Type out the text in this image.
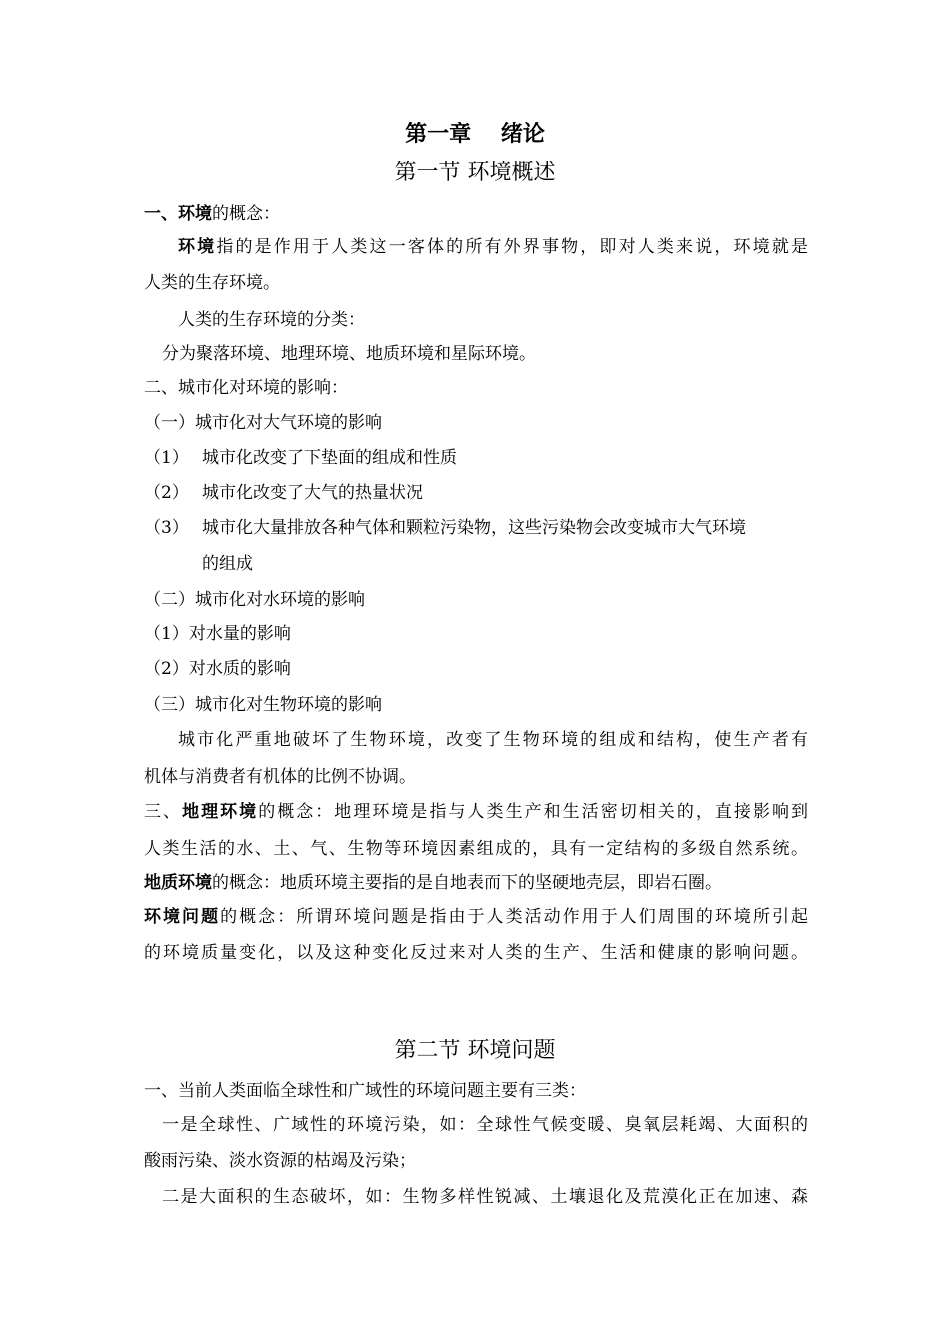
第一章　 绪论
第一节 环境概述
一、环境的概念：
环境指的是作用于人类这一客体的所有外界事物，即对人类来说，环境就是
人类的生存环境。
人类的生存环境的分类：
分为聚落环境、地理环境、地质环境和星际环境。
二、城市化对环境的影响：
（一）城市化对大气环境的影响
（1） 城市化改变了下垫面的组成和性质
（2） 城市化改变了大气的热量状况
（3） 城市化大量排放各种气体和颗粒污染物，这些污染物会改变城市大气环境
的组成
（二）城市化对水环境的影响
（1）对水量的影响
（2）对水质的影响
（三）城市化对生物环境的影响
城市化严重地破坏了生物环境，改变了生物环境的组成和结构，使生产者有
机体与消费者有机体的比例不协调。
三、地理环境的概念：地理环境是指与人类生产和生活密切相关的，直接影响到
人类生活的水、土、气、生物等环境因素组成的，具有一定结构的多级自然系统。
地质环境的概念：地质环境主要指的是自地表而下的坚硬地壳层，即岩石圈。
环境问题的概念：所谓环境问题是指由于人类活动作用于人们周围的环境所引起
的环境质量变化，以及这种变化反过来对人类的生产、生活和健康的影响问题。
第二节 环境问题
一、当前人类面临全球性和广域性的环境问题主要有三类：
一是全球性、广域性的环境污染，如：全球性气候变暖、臭氧层耗竭、大面积的
酸雨污染、淡水资源的枯竭及污染；
二是大面积的生态破坏，如：生物多样性锐减、土壤退化及荒漠化正在加速、森
